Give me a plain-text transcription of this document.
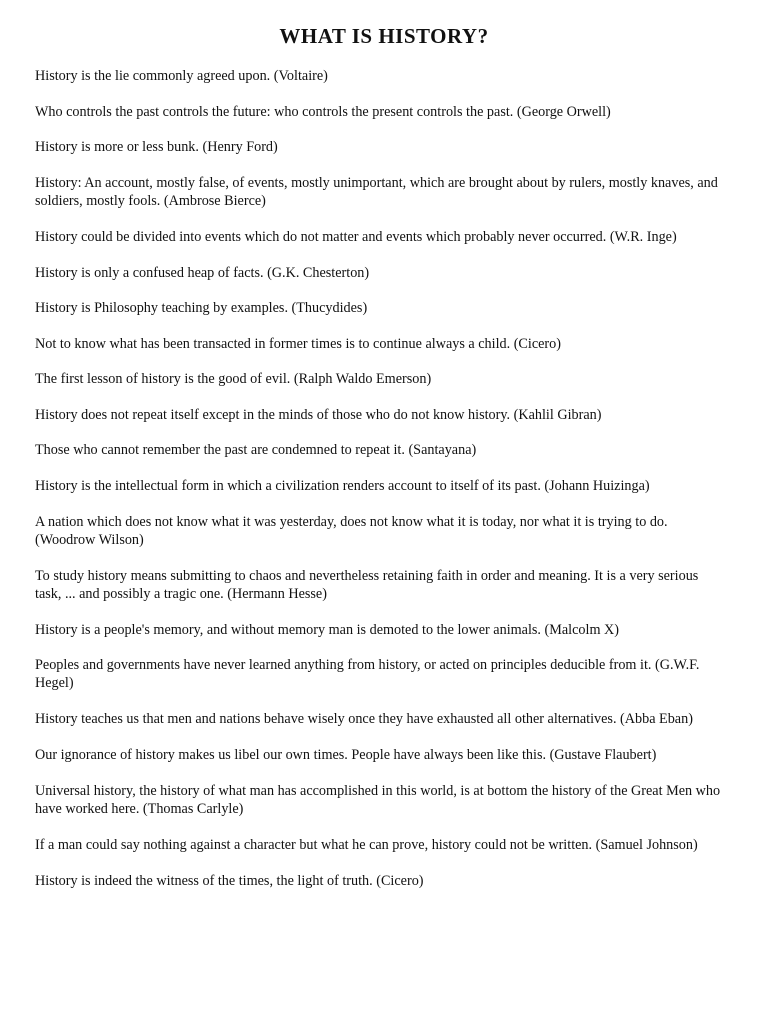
WHAT IS HISTORY?
History is the lie commonly agreed upon. (Voltaire)
Who controls the past controls the future: who controls the present controls the past. (George Orwell)
History is more or less bunk. (Henry Ford)
History: An account, mostly false, of events, mostly unimportant, which are brought about by rulers, mostly knaves, and soldiers, mostly fools. (Ambrose Bierce)
History could be divided into events which do not matter and events which probably never occurred. (W.R. Inge)
History is only a confused heap of facts. (G.K. Chesterton)
History is Philosophy teaching by examples. (Thucydides)
Not to know what has been transacted in former times is to continue always a child. (Cicero)
The first lesson of history is the good of evil. (Ralph Waldo Emerson)
History does not repeat itself except in the minds of those who do not know history. (Kahlil Gibran)
Those who cannot remember the past are condemned to repeat it. (Santayana)
History is the intellectual form in which a civilization renders account to itself of its past. (Johann Huizinga)
A nation which does not know what it was yesterday, does not know what it is today, nor what it is trying to do. (Woodrow Wilson)
To study history means submitting to chaos and nevertheless retaining faith in order and meaning. It is a very serious task, ... and possibly a tragic one. (Hermann Hesse)
History is a people's memory, and without memory man is demoted to the lower animals. (Malcolm X)
Peoples and governments have never learned anything from history, or acted on principles deducible from it. (G.W.F. Hegel)
History teaches us that men and nations behave wisely once they have exhausted all other alternatives. (Abba Eban)
Our ignorance of history makes us libel our own times. People have always been like this. (Gustave Flaubert)
Universal history, the history of what man has accomplished in this world, is at bottom the history of the Great Men who have worked here. (Thomas Carlyle)
If a man could say nothing against a character but what he can prove, history could not be written. (Samuel Johnson)
History is indeed the witness of the times, the light of truth. (Cicero)
